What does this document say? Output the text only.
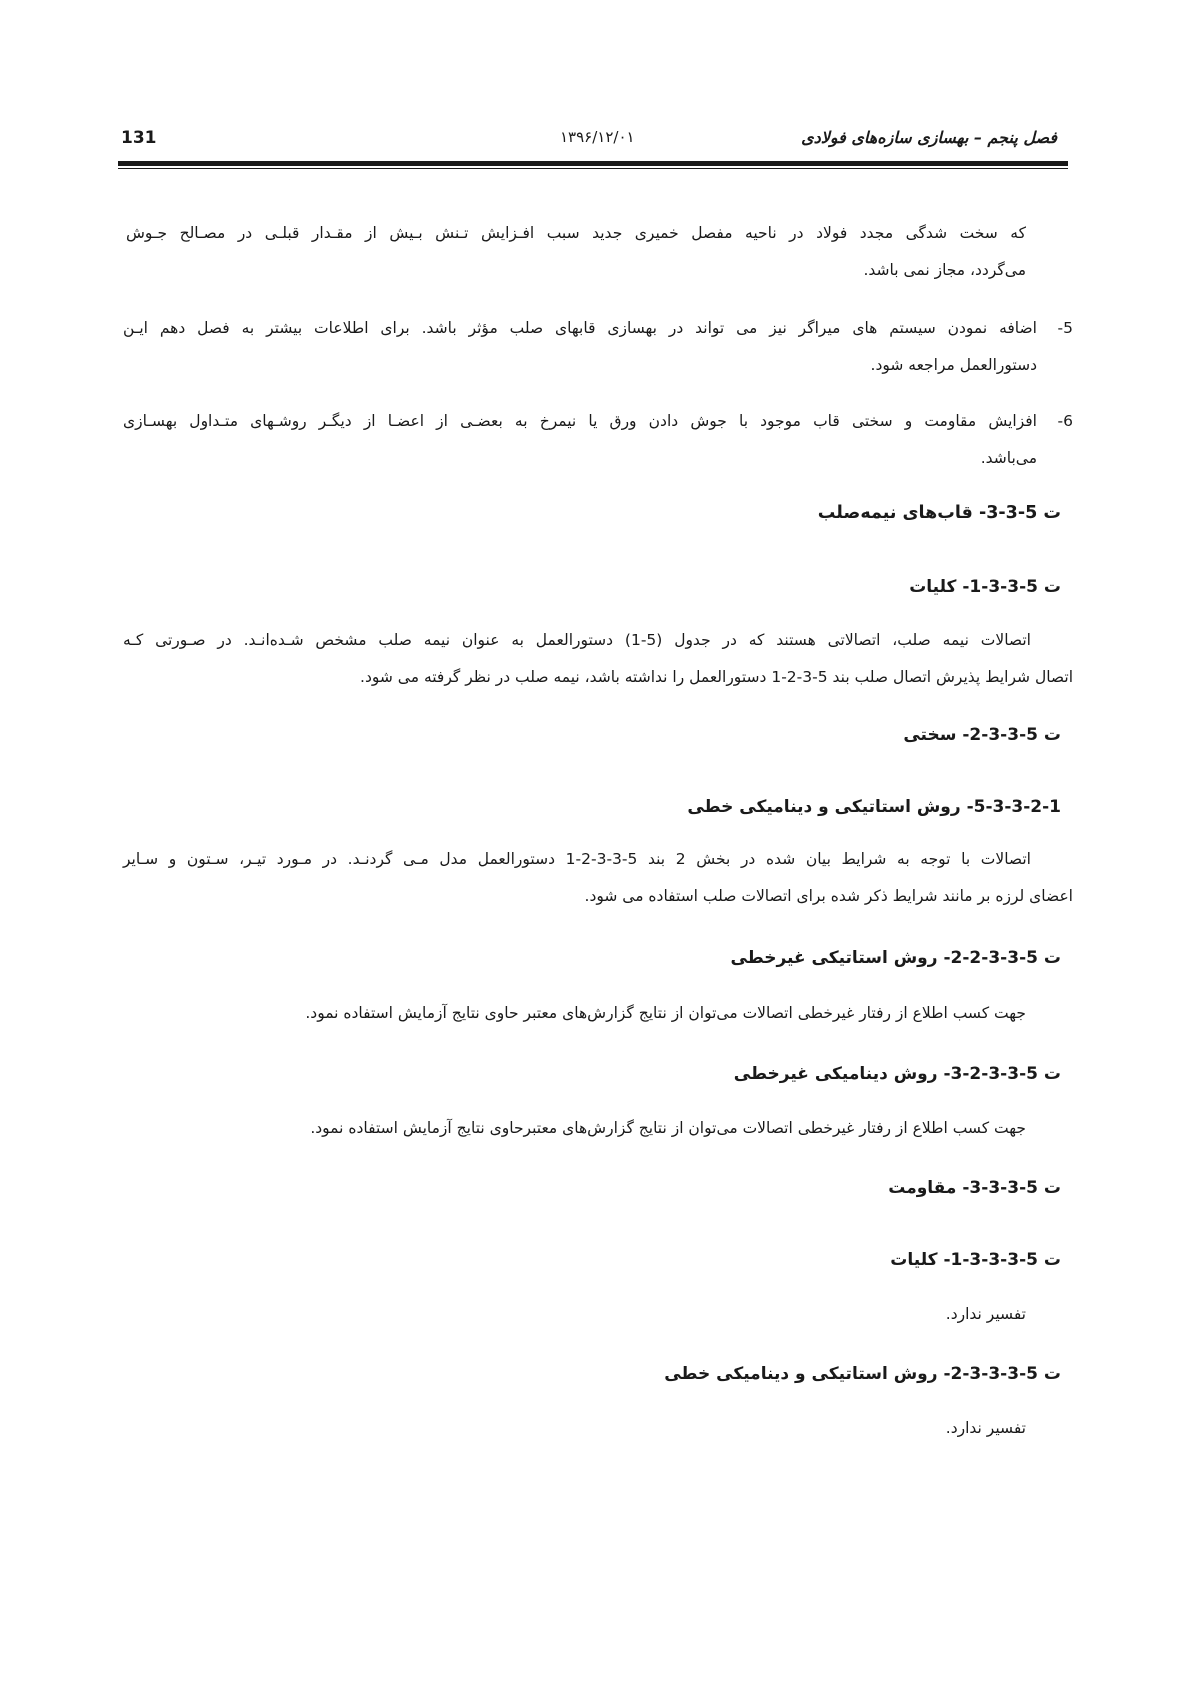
فصل پنجم – بهسازی سازه‌های فولادی
۱۳۹۶/۱۲/۰۱
131
که سخت شدگی مجدد فولاد در ناحیه مفصل خمیری جدید سبب افـزایش تـنش بـیش از مقـدار قبلـی در مصـالح جـوش
می‌گردد، مجاز نمی باشد.
-5
اضافه نمودن سیستم های میراگر نیز می تواند در بهسازی قابهای صلب مؤثر باشد. برای اطلاعات بیشتر به فصل دهم ایـن
دستورالعمل مراجعه شود.
-6
افزایش مقاومت و سختی قاب موجود با جوش دادن ورق یا نیمرخ به بعضـی از اعضـا از دیگـر روشـهای متـداول بهسـازی
می‌باشد.
ت 5-3-3- قاب‌های نیمه‌صلب
ت 5-3-3-1- کلیات
اتصالات نیمه صلب، اتصالاتی هستند که در جدول (5-1) دستورالعمل به عنوان نیمه صلب مشخص شـده‌انـد. در صـورتی کـه
اتصال شرایط پذیرش اتصال صلب بند 5-3-2-1 دستورالعمل را نداشته باشد، نیمه صلب در نظر گرفته می شود.
ت 5-3-3-2- سختی
5-3-3-2-1- روش استاتیکی و دینامیکی خطی
اتصالات با توجه به شرایط بیان شده در بخش 2 بند 5-3-3-2-1 دستورالعمل مدل مـی گردنـد. در مـورد تیـر، سـتون و سـایر
اعضای لرزه بر مانند شرایط ذکر شده برای اتصالات صلب استفاده می شود.
ت 5-3-3-2-2- روش استاتیکی غیرخطی
جهت کسب اطلاع از رفتار غیرخطی اتصالات می‌توان از نتایج گزارش‌های معتبر حاوی نتایج آزمایش استفاده نمود.
ت 5-3-3-2-3- روش دینامیکی غیرخطی
جهت کسب اطلاع از رفتار غیرخطی اتصالات می‌توان از نتایج گزارش‌های معتبرحاوی نتایج آزمایش استفاده نمود.
ت 5-3-3-3- مقاومت
ت 5-3-3-3-1- کلیات
تفسیر ندارد.
ت 5-3-3-3-2- روش استاتیکی و دینامیکی خطی
تفسیر ندارد.
